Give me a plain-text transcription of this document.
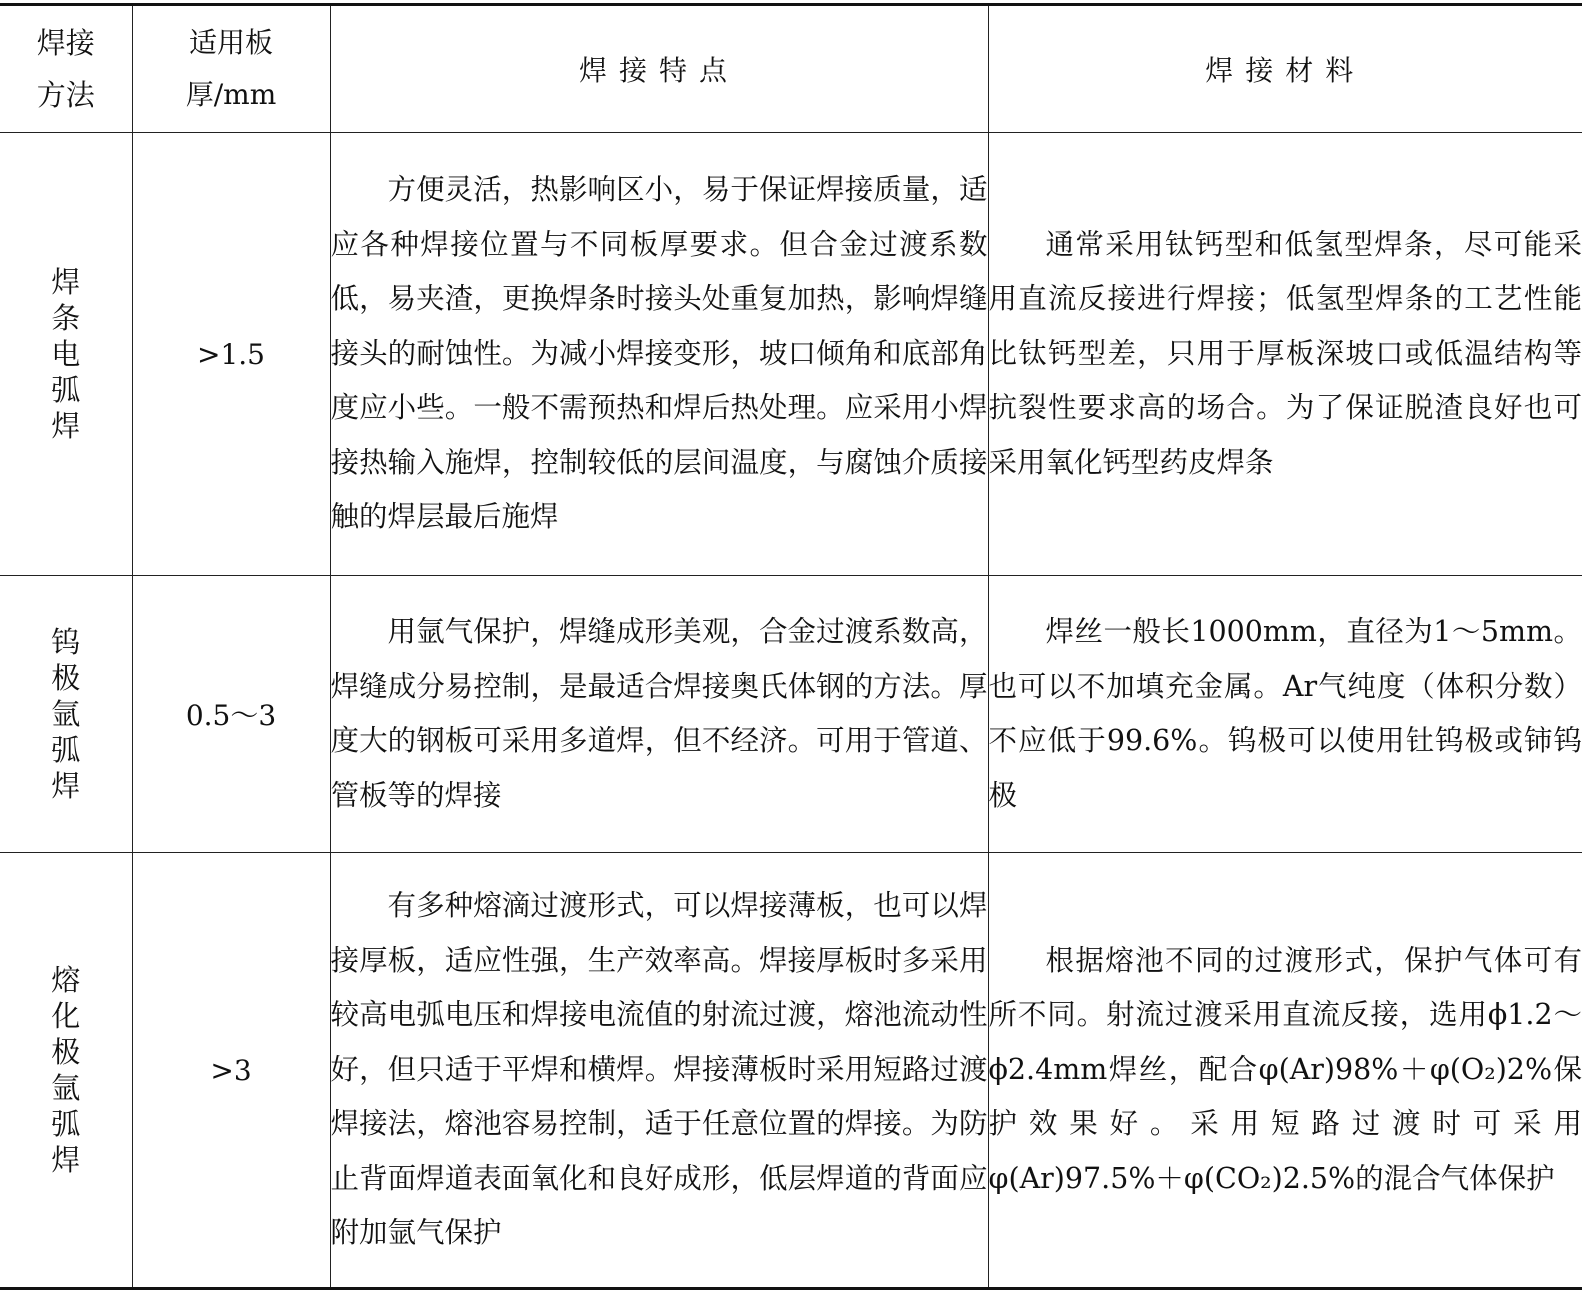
焊接方法	适用板厚/mm	焊接特点	焊接材料
焊条电弧焊	>1.5	方便灵活，热影响区小，易于保证焊接质量，适应各种焊接位置与不同板厚要求。但合金过渡系数低，易夹渣，更换焊条时接头处重复加热，影响焊缝接头的耐蚀性。为减小焊接变形，坡口倾角和底部角度应小些。一般不需预热和焊后热处理。应采用小焊接热输入施焊，控制较低的层间温度，与腐蚀介质接触的焊层最后施焊	通常采用钛钙型和低氢型焊条，尽可能采用直流反接进行焊接；低氢型焊条的工艺性能比钛钙型差，只用于厚板深坡口或低温结构等抗裂性要求高的场合。为了保证脱渣良好也可采用氧化钙型药皮焊条
钨极氩弧焊	0.5～3	用氩气保护，焊缝成形美观，合金过渡系数高，焊缝成分易控制，是最适合焊接奥氏体钢的方法。厚度大的钢板可采用多道焊，但不经济。可用于管道、管板等的焊接	焊丝一般长1000mm，直径为1～5mm。也可以不加填充金属。Ar气纯度（体积分数）不应低于99.6%。钨极可以使用钍钨极或铈钨极
熔化极氩弧焊	>3	有多种熔滴过渡形式，可以焊接薄板，也可以焊接厚板，适应性强，生产效率高。焊接厚板时多采用较高电弧电压和焊接电流值的射流过渡，熔池流动性好，但只适于平焊和横焊。焊接薄板时采用短路过渡焊接法，熔池容易控制，适于任意位置的焊接。为防止背面焊道表面氧化和良好成形，低层焊道的背面应附加氩气保护	根据熔池不同的过渡形式，保护气体可有所不同。射流过渡采用直流反接，选用ϕ1.2～ϕ2.4mm焊丝，配合φ(Ar)98%＋φ(O₂)2%保护效果好。采用短路过渡时可采用φ(Ar)97.5%＋φ(CO₂)2.5%的混合气体保护
